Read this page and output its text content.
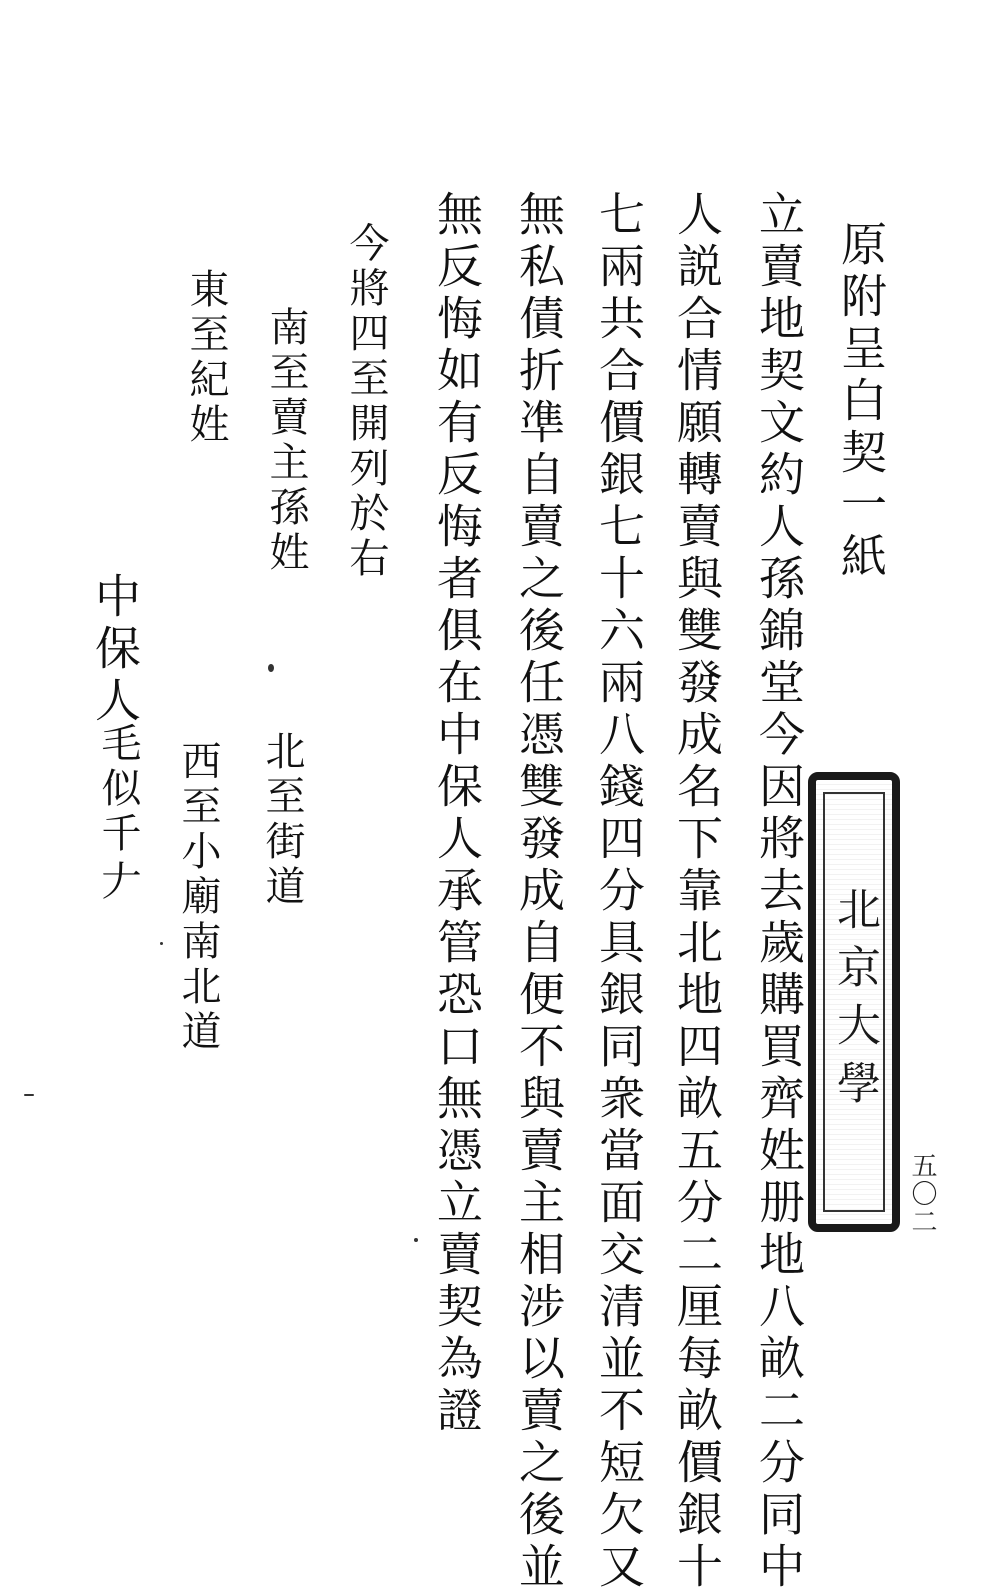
原附呈白契一紙
立賣地契文約人孫錦堂今因將去歲購買齊姓册地八畝二分同中
人説合情願轉賣與雙發成名下靠北地四畝五分二厘每畝價銀十
七兩共合價銀七十六兩八錢四分具銀同衆當面交清並不短欠又
無私債折凖自賣之後任憑雙發成自便不與賣主相涉以賣之後並
無反悔如有反悔者俱在中保人承管恐口無憑立賣契為證
今將四至開列於右
南至賣主孫姓
東至紀姓
北至街道
西至小廟南北道
中保人
毛似千
𠂇
北京大學
五〇二
